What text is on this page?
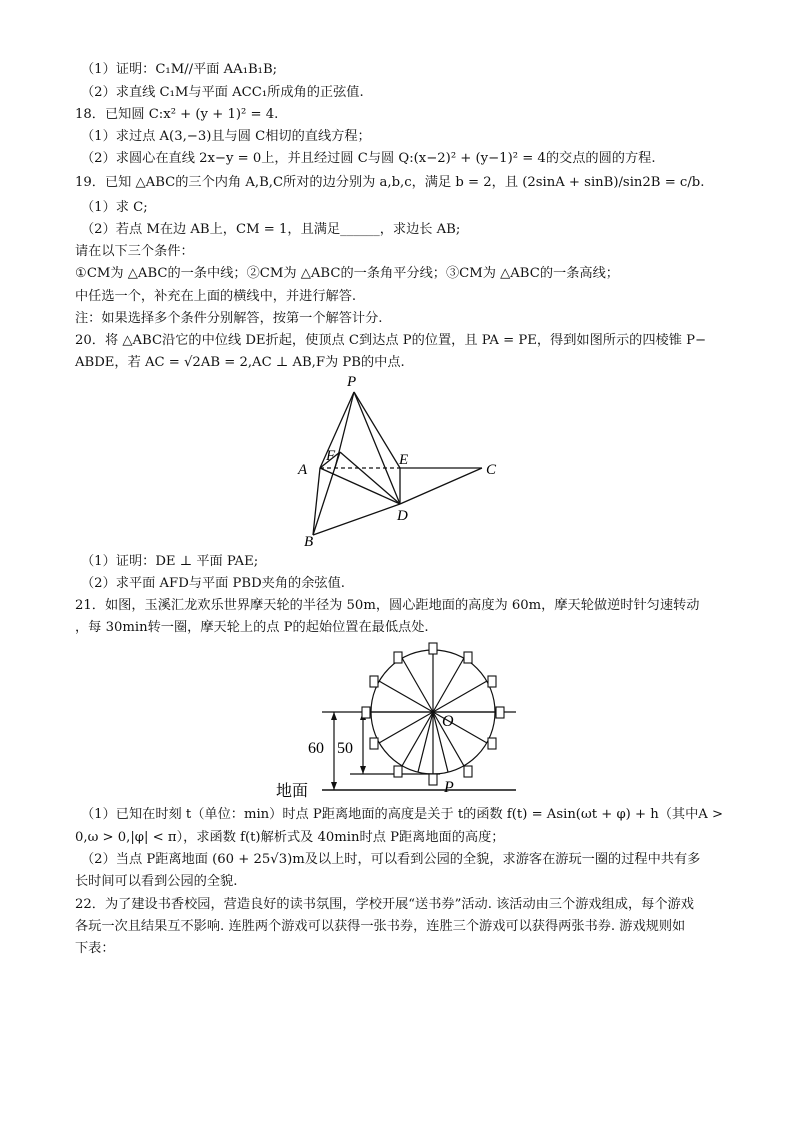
（1）证明：C₁M//平面 AA₁B₁B;
（2）求直线 C₁M与平面 ACC₁所成角的正弦值.
18．已知圆 C:x² + (y + 1)² = 4.
（1）求过点 A(3,−3)且与圆 C相切的直线方程；
（2）求圆心在直线 2x−y = 0上，并且经过圆 C与圆 Q:(x−2)² + (y−1)² = 4的交点的圆的方程.
19．已知 △ABC的三个内角 A,B,C所对的边分别为 a,b,c，满足 b = 2，且 (2sinA + sinB)/sin2B = c/b.
（1）求 C;
（2）若点 M在边 AB上，CM = 1，且满足______，求边长 AB;
请在以下三个条件：
①CM为 △ABC的一条中线；②CM为 △ABC的一条角平分线；③CM为 △ABC的一条高线；
中任选一个，补充在上面的横线中，并进行解答.
注：如果选择多个条件分别解答，按第一个解答计分.
20．将 △ABC沿它的中位线 DE折起，使顶点 C到达点 P的位置，且 PA = PE，得到如图所示的四棱锥 P−
ABDE，若 AC = √2AB = 2,AC ⊥ AB,F为 PB的中点.
P
A
F	E
C
D
B
（1）证明：DE ⊥ 平面 PAE;
（2）求平面 AFD与平面 PBD夹角的余弦值.
21．如图，玉溪汇龙欢乐世界摩天轮的半径为 50m，圆心距地面的高度为 60m，摩天轮做逆时针匀速转动
，每 30min转一圈，摩天轮上的点 P的起始位置在最低点处.
O
P
60 50
地面
（1）已知在时刻 t（单位：min）时点 P距离地面的高度是关于 t的函数 f(t) = Asin(ωt + φ) + h（其中A >
0,ω > 0,|φ| < π），求函数 f(t)解析式及 40min时点 P距离地面的高度；
（2）当点 P距离地面 (60 + 25√3)m及以上时，可以看到公园的全貌，求游客在游玩一圈的过程中共有多
长时间可以看到公园的全貌.
22．为了建设书香校园，营造良好的读书氛围，学校开展“送书券”活动. 该活动由三个游戏组成，每个游戏
各玩一次且结果互不影响. 连胜两个游戏可以获得一张书券，连胜三个游戏可以获得两张书券. 游戏规则如
下表：
